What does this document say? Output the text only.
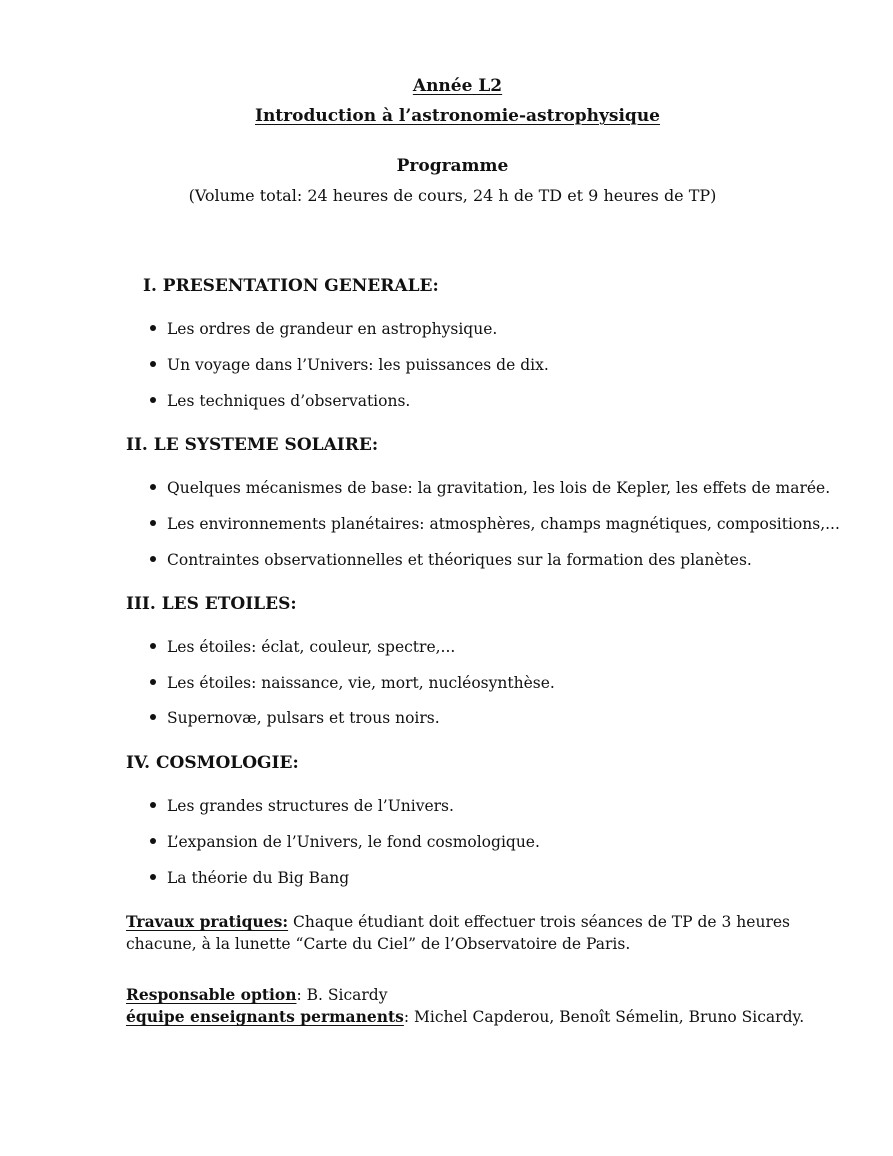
Année L2
Introduction à l’astronomie-astrophysique
Programme
(Volume total: 24 heures de cours, 24 h de TD et 9 heures de TP)
I. PRESENTATION GENERALE:
Les ordres de grandeur en astrophysique.
Un voyage dans l’Univers: les puissances de dix.
Les techniques d’observations.
II. LE SYSTEME SOLAIRE:
Quelques mécanismes de base: la gravitation, les lois de Kepler, les effets de marée.
Les environnements planétaires: atmosphères, champs magnétiques, compositions,...
Contraintes observationnelles et théoriques sur la formation des planètes.
III. LES ETOILES:
Les étoiles: éclat, couleur, spectre,...
Les étoiles: naissance, vie, mort, nucléosynthèse.
Supernovæ, pulsars et trous noirs.
IV. COSMOLOGIE:
Les grandes structures de l’Univers.
L’expansion de l’Univers, le fond cosmologique.
La théorie du Big Bang
Travaux pratiques: Chaque étudiant doit effectuer trois séances de TP de 3 heures chacune, à la lunette “Carte du Ciel” de l’Observatoire de Paris.
Responsable option: B. Sicardy
équipe enseignants permanents: Michel Capderou, Benoît Sémelin, Bruno Sicardy.
